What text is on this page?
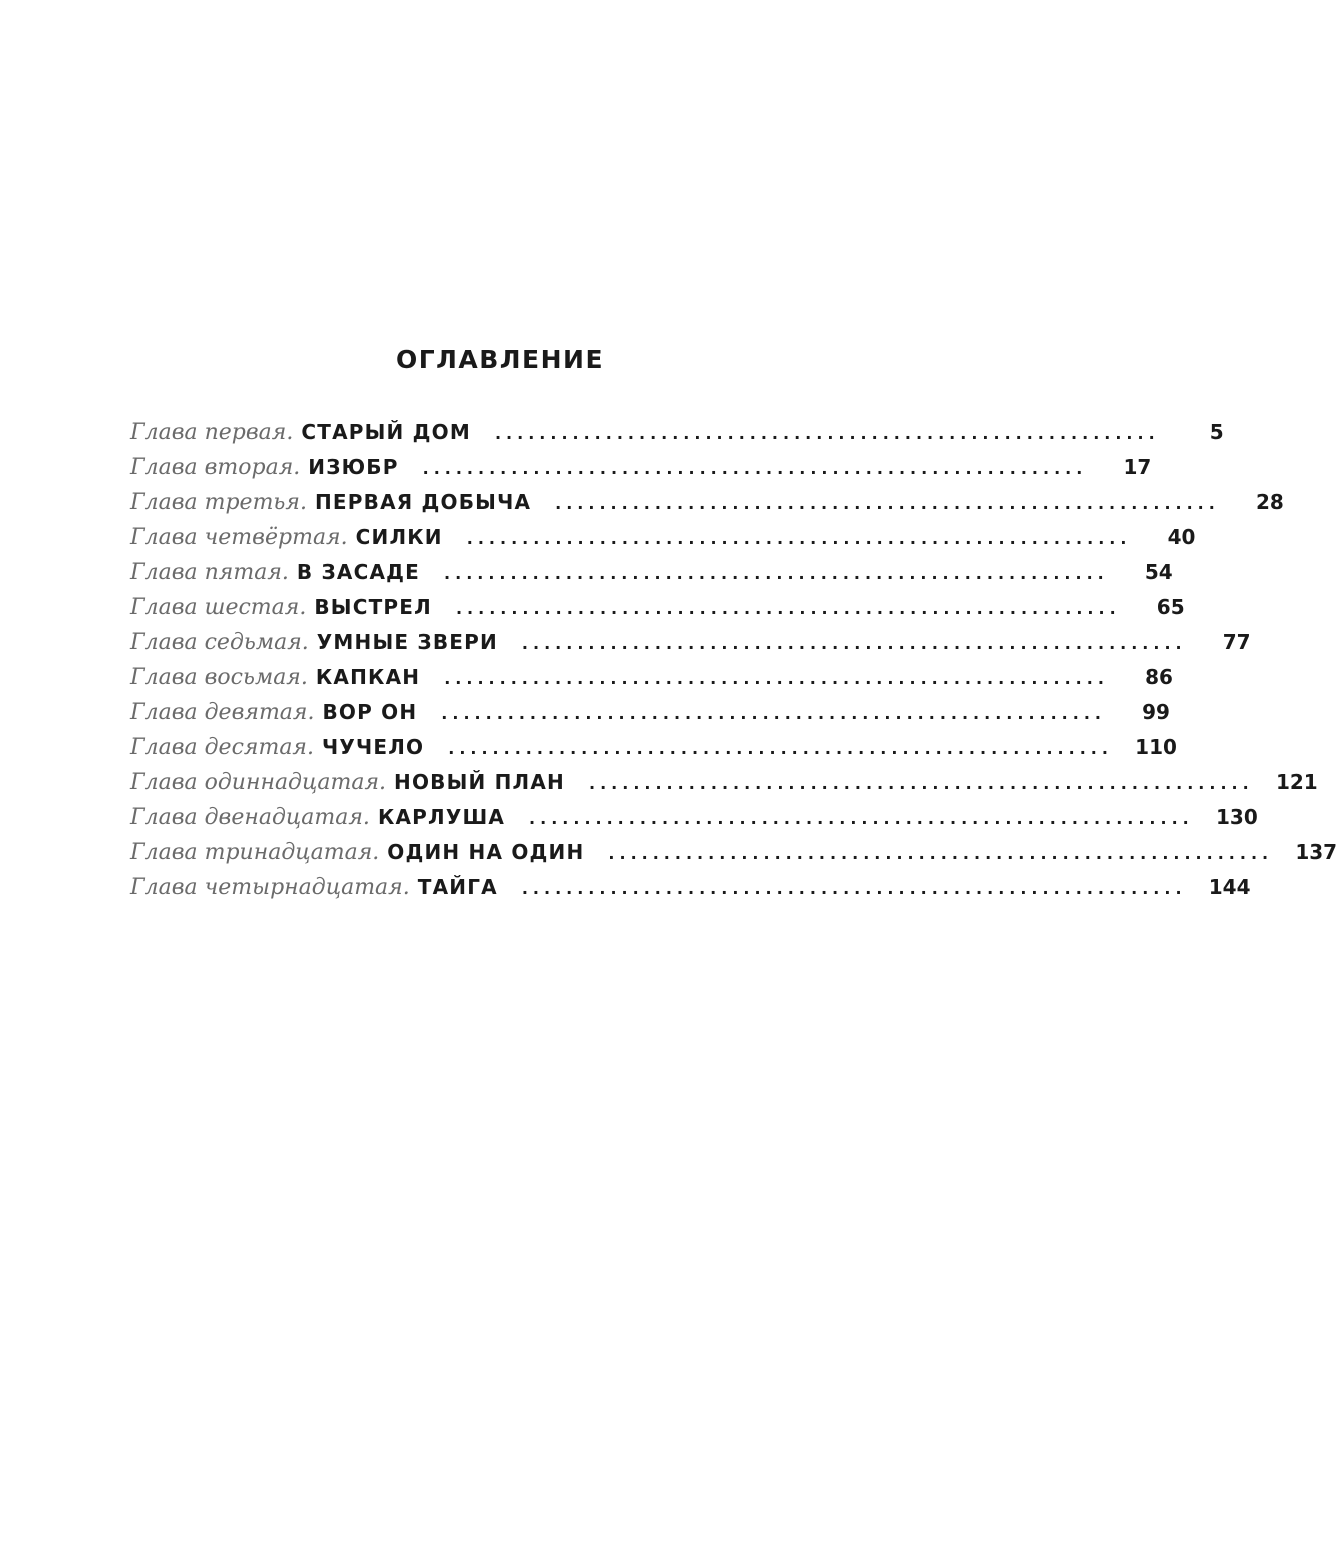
ОГЛАВЛЕНИЕ
Глава первая. СТАРЫЙ ДОМ ............................................................	5
Глава вторая. ИЗЮБР ............................................................	17
Глава третья. ПЕРВАЯ ДОБЫЧА ............................................................	28
Глава четвёртая. СИЛКИ ............................................................	40
Глава пятая. В ЗАСАДЕ ............................................................	54
Глава шестая. ВЫСТРЕЛ ............................................................	65
Глава седьмая. УМНЫЕ ЗВЕРИ ............................................................	77
Глава восьмая. КАПКАН ............................................................	86
Глава девятая. ВОР ОН ............................................................	99
Глава десятая. ЧУЧЕЛО ............................................................ 110
Глава одиннадцатая. НОВЫЙ ПЛАН ............................................................ 121
Глава двенадцатая. КАРЛУША ............................................................ 130
Глава тринадцатая. ОДИН НА ОДИН ............................................................ 137
Глава четырнадцатая. ТАЙГА ............................................................ 144
